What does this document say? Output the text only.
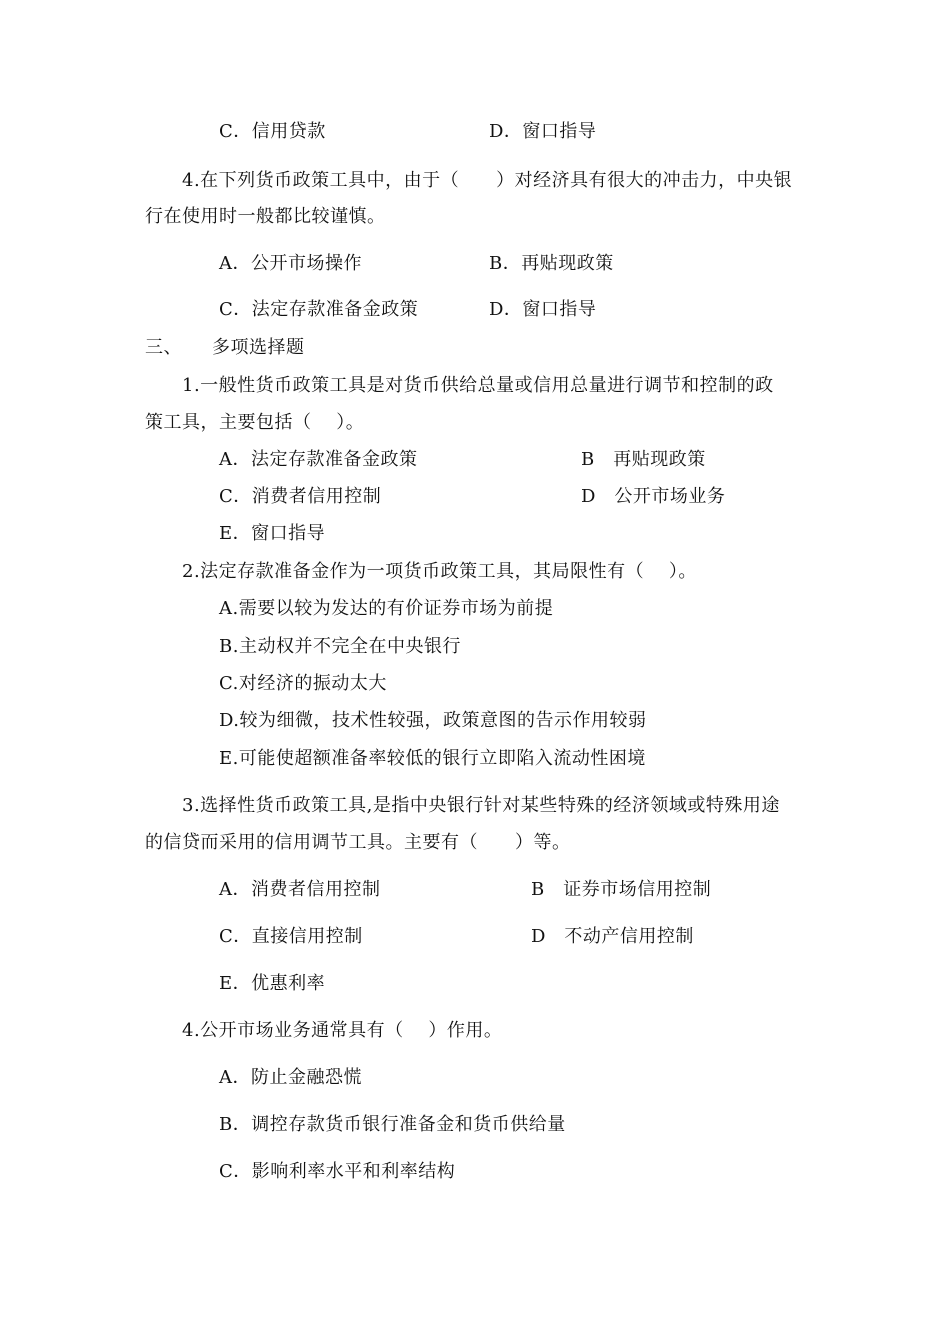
C．信用贷款	D．窗口指导
4.在下列货币政策工具中，由于（　　）对经济具有很大的冲击力，中央银
行在使用时一般都比较谨慎。
A．公开市场操作	B．再贴现政策
C．法定存款准备金政策	D．窗口指导
三、 多项选择题
1.一般性货币政策工具是对货币供给总量或信用总量进行调节和控制的政
策工具，主要包括（　 ）。
A．法定存款准备金政策	B　再贴现政策
C．消费者信用控制	D　公开市场业务
E．窗口指导
2.法定存款准备金作为一项货币政策工具，其局限性有（　 ）。
A.需要以较为发达的有价证券市场为前提
B.主动权并不完全在中央银行
C.对经济的振动太大
D.较为细微，技术性较强，政策意图的告示作用较弱
E.可能使超额准备率较低的银行立即陷入流动性困境
3.选择性货币政策工具,是指中央银行针对某些特殊的经济领域或特殊用途
的信贷而采用的信用调节工具。主要有（　　）等。
A．消费者信用控制	B　证券市场信用控制
C．直接信用控制	D　不动产信用控制
E．优惠利率
4.公开市场业务通常具有（　 ）作用。
A．防止金融恐慌
B．调控存款货币银行准备金和货币供给量
C．影响利率水平和利率结构
